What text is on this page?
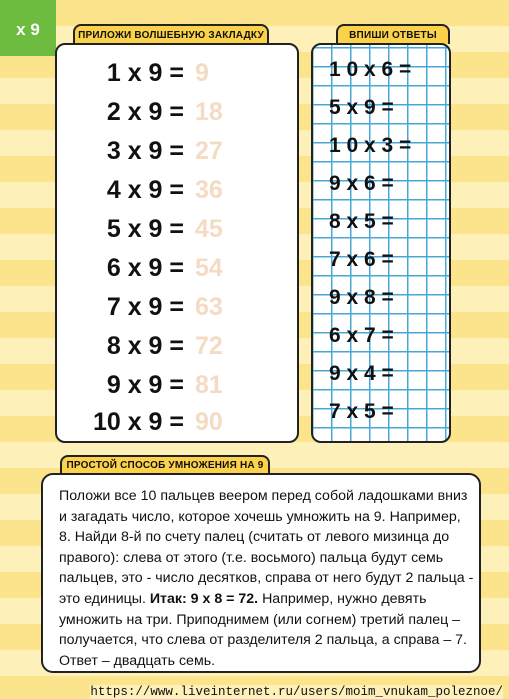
x 9	ПРИЛОЖИ ВОЛШЕБНУЮ ЗАКЛАДКУ	ВПИШИ ОТВЕТЫ
1 x 9 = 9
2 x 9 = 18
3 x 9 = 27
4 x 9 = 36
5 x 9 = 45
6 x 9 = 54
7 x 9 = 63
8 x 9 = 72
9 x 9 = 81
10 x 9 = 90
1 0 x 6 =
5 x 9 =
1 0 x 3 =
9 x 6 =
8 x 5 =
7 x 6 =
9 x 8 =
6 x 7 =
9 x 4 =
7 x 5 =
ПРОСТОЙ СПОСОБ УМНОЖЕНИЯ НА 9
Положи все 10 пальцев веером перед собой ладошками вниз и загадать число, которое хочешь умножить на 9. Например, 8. Найди 8-й по счету палец (считать от левого мизинца до правого): слева от этого (т.е. восьмого) пальца будут семь пальцев, это - число десятков, справа от него будут 2 пальца - это единицы. Итак: 9 x 8 = 72. Например, нужно девять умножить на три. Приподнимем (или согнем) третий палец – получается, что слева от разделителя 2 пальца, а справа – 7. Ответ – двадцать семь.
https://www.liveinternet.ru/users/moim_vnukam_poleznoe/
